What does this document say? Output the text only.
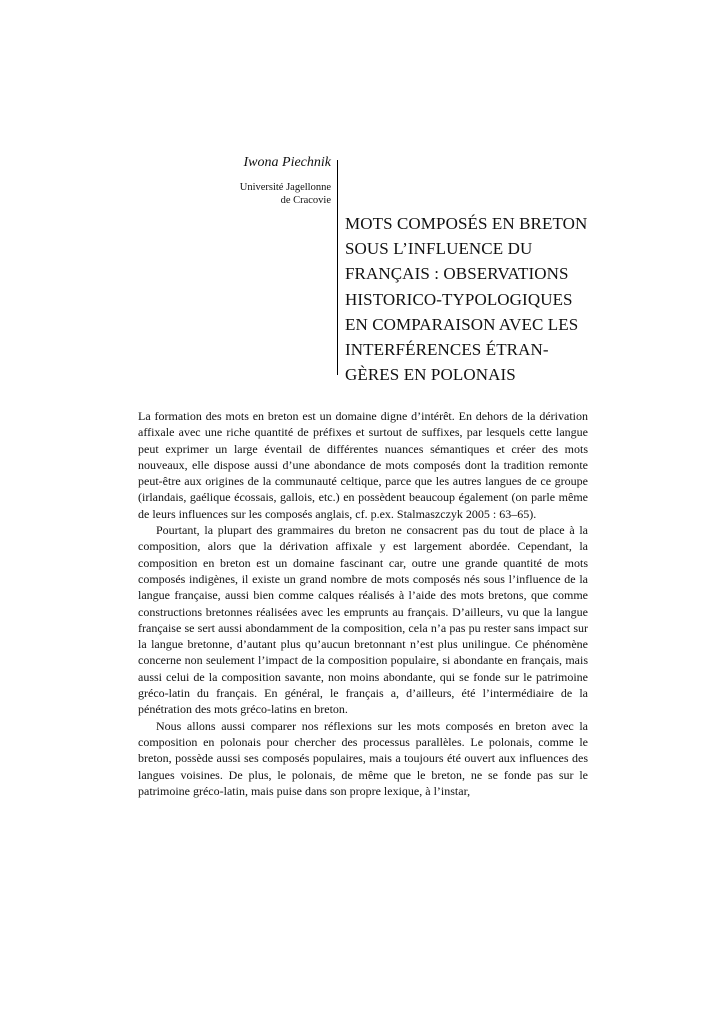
Iwona Piechnik
Université Jagellonne
de Cracovie
MOTS COMPOSÉS EN BRETON
SOUS L’INFLUENCE DU
FRANÇAIS : OBSERVATIONS
HISTORICO-TYPOLOGIQUES
EN COMPARAISON AVEC LES
INTERFÉRENCES ÉTRAN-
GÈRES EN POLONAIS

La formation des mots en breton est un domaine digne d’intérêt. En dehors de la dérivation affixale avec une riche quantité de préfixes et surtout de suffixes, par lesquels cette langue peut exprimer un large éventail de différentes nuances sémantiques et créer des mots nouveaux, elle dispose aussi d’une abondance de mots composés dont la tradition remonte peut-être aux origines de la communauté celtique, parce que les autres langues de ce groupe (irlandais, gaélique écossais, gallois, etc.) en possèdent beaucoup également (on parle même de leurs influences sur les composés anglais, cf. p.ex. Stalmaszczyk 2005 : 63–65).

Pourtant, la plupart des grammaires du breton ne consacrent pas du tout de place à la composition, alors que la dérivation affixale y est largement abordée. Cependant, la composition en breton est un domaine fascinant car, outre une grande quantité de mots composés indigènes, il existe un grand nombre de mots composés nés sous l’influence de la langue française, aussi bien comme calques réalisés à l’aide des mots bretons, que comme constructions bretonnes réalisées avec les emprunts au français. D’ailleurs, vu que la langue française se sert aussi abondamment de la composition, cela n’a pas pu rester sans impact sur la langue bretonne, d’autant plus qu’aucun bretonnant n’est plus unilingue. Ce phénomène concerne non seulement l’impact de la composition populaire, si abondante en français, mais aussi celui de la composition savante, non moins abondante, qui se fonde sur le patrimoine gréco-latin du français. En général, le français a, d’ailleurs, été l’intermédiaire de la pénétration des mots gréco-latins en breton.

Nous allons aussi comparer nos réflexions sur les mots composés en breton avec la composition en polonais pour chercher des processus parallèles. Le polonais, comme le breton, possède aussi ses composés populaires, mais a toujours été ouvert aux influences des langues voisines. De plus, le polonais, de même que le breton, ne se fonde pas sur le patrimoine gréco-latin, mais puise dans son propre lexique, à l’instar,
